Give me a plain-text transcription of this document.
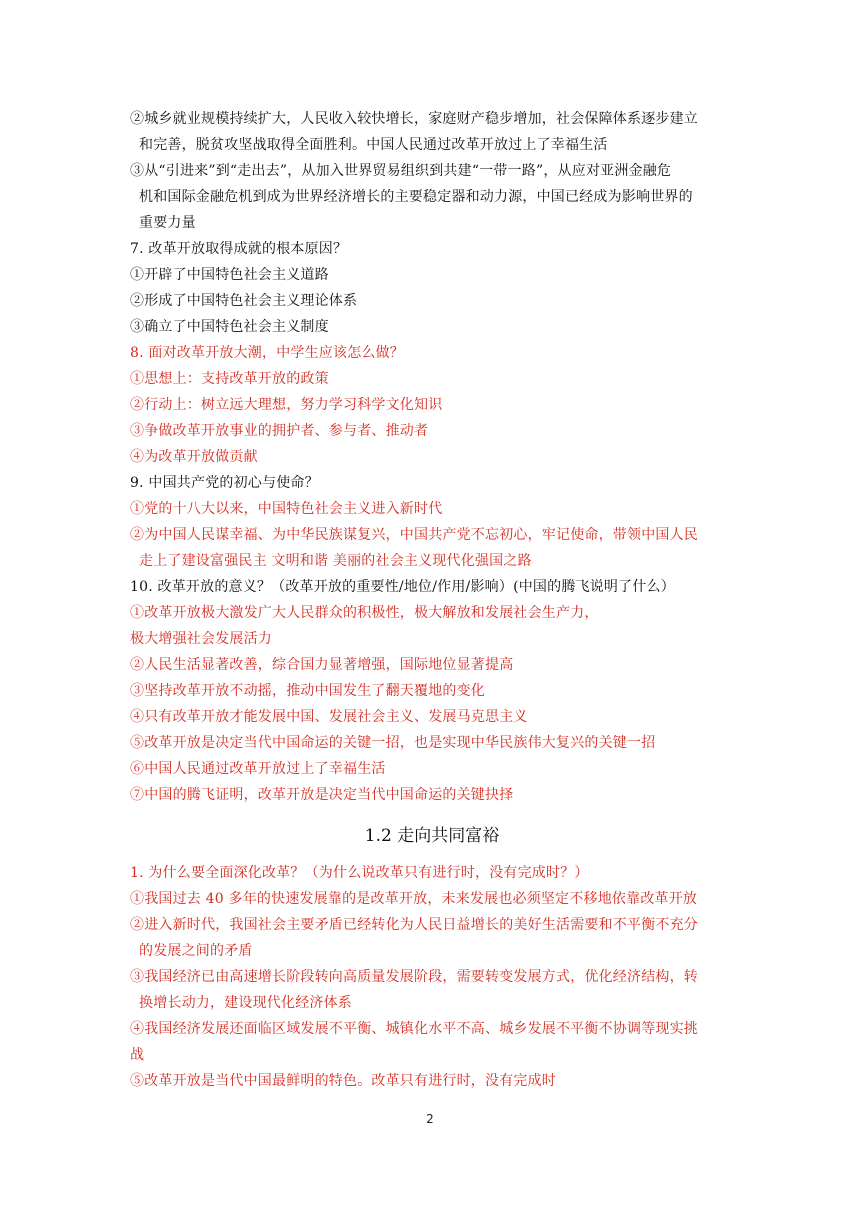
②城乡就业规模持续扩大，人民收入较快增长，家庭财产稳步增加，社会保障体系逐步建立
和完善，脱贫攻坚战取得全面胜利。中国人民通过改革开放过上了幸福生活
③从“引进来”到“走出去”，从加入世界贸易组织到共建“一带一路”，从应对亚洲金融危
机和国际金融危机到成为世界经济增长的主要稳定器和动力源，中国已经成为影响世界的
重要力量
7. 改革开放取得成就的根本原因？
①开辟了中国特色社会主义道路
②形成了中国特色社会主义理论体系
③确立了中国特色社会主义制度
8. 面对改革开放大潮，中学生应该怎么做？
①思想上：支持改革开放的政策
②行动上：树立远大理想，努力学习科学文化知识
③争做改革开放事业的拥护者、参与者、推动者
④为改革开放做贡献
9. 中国共产党的初心与使命？
①党的十八大以来，中国特色社会主义进入新时代
②为中国人民谋幸福、为中华民族谋复兴，中国共产党不忘初心，牢记使命，带领中国人民
走上了建设富强民主 文明和谐 美丽的社会主义现代化强国之路
10. 改革开放的意义？（改革开放的重要性/地位/作用/影响）(中国的腾飞说明了什么）
①改革开放极大激发广大人民群众的积极性，极大解放和发展社会生产力，
极大增强社会发展活力
②人民生活显著改善，综合国力显著增强，国际地位显著提高
③坚持改革开放不动摇，推动中国发生了翻天覆地的变化
④只有改革开放才能发展中国、发展社会主义、发展马克思主义
⑤改革开放是决定当代中国命运的关键一招，也是实现中华民族伟大复兴的关键一招
⑥中国人民通过改革开放过上了幸福生活
⑦中国的腾飞证明，改革开放是决定当代中国命运的关键抉择
1.2 走向共同富裕
1. 为什么要全面深化改革？（为什么说改革只有进行时，没有完成时？）
①我国过去 40 多年的快速发展靠的是改革开放，未来发展也必须坚定不移地依靠改革开放
②进入新时代，我国社会主要矛盾已经转化为人民日益增长的美好生活需要和不平衡不充分
的发展之间的矛盾
③我国经济已由高速增长阶段转向高质量发展阶段，需要转变发展方式，优化经济结构，转
换增长动力，建设现代化经济体系
④我国经济发展还面临区域发展不平衡、城镇化水平不高、城乡发展不平衡不协调等现实挑
战
⑤改革开放是当代中国最鲜明的特色。改革只有进行时，没有完成时
2
